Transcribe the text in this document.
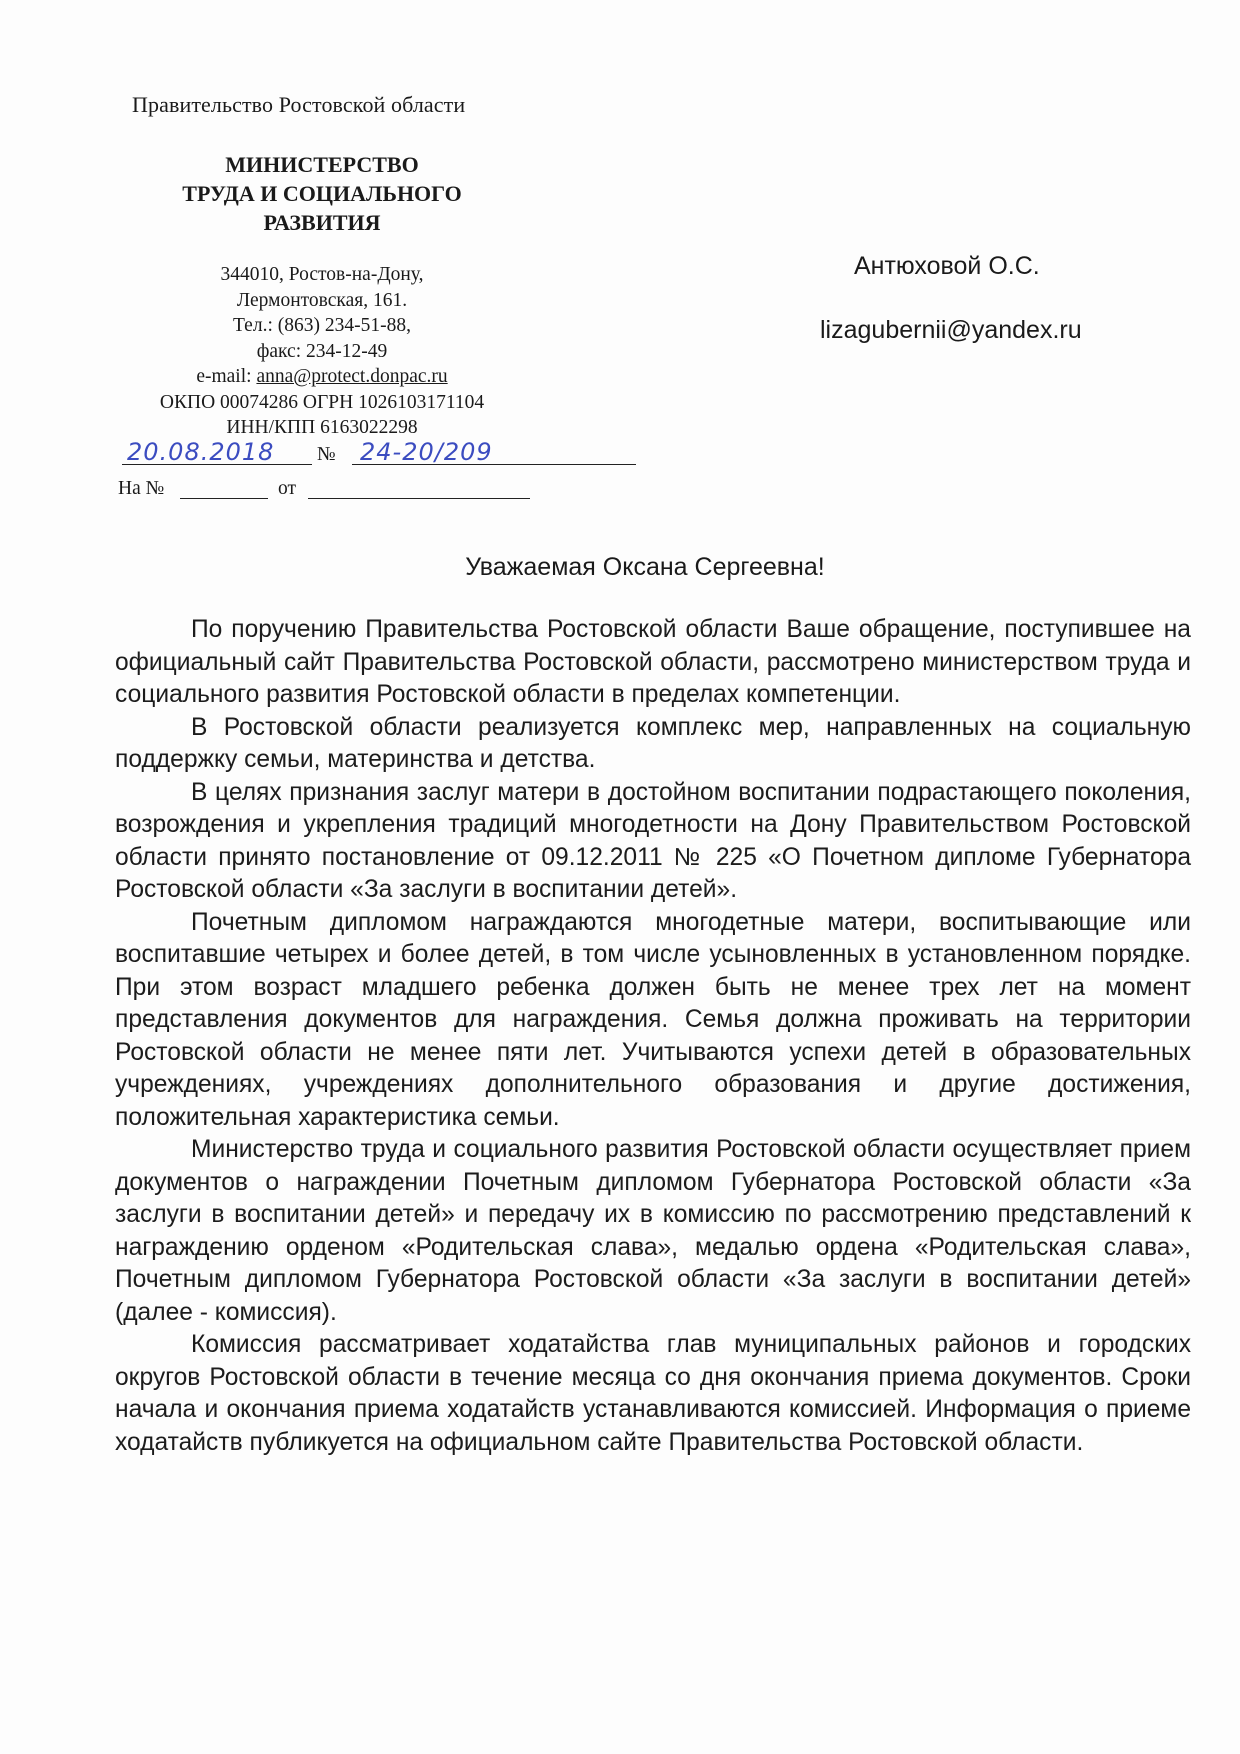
Правительство Ростовской области
МИНИСТЕРСТВО
ТРУДА И СОЦИАЛЬНОГО
РАЗВИТИЯ
344010, Ростов-на-Дону,
Лермонтовская, 161.
Тел.: (863) 234-51-88,
факс: 234-12-49
e-mail: anna@protect.donpac.ru
ОКПО 00074286 ОГРН 1026103171104
ИНН/КПП 6163022298
20.08.2018 № 24-20/209
На №	от
Антюховой О.С.
lizagubernii@yandex.ru
Уважаемая Оксана Сергеевна!

По поручению Правительства Ростовской области Ваше обращение, поступившее на официальный сайт Правительства Ростовской области, рассмотрено министерством труда и социального развития Ростовской области в пределах компетенции.

В Ростовской области реализуется комплекс мер, направленных на социальную поддержку семьи, материнства и детства.

В целях признания заслуг матери в достойном воспитании подрастающего поколения, возрождения и укрепления традиций многодетности на Дону Правительством Ростовской области принято постановление от 09.12.2011 № 225 «О Почетном дипломе Губернатора Ростовской области «За заслуги в воспитании детей».

Почетным дипломом награждаются многодетные матери, воспитывающие или воспитавшие четырех и более детей, в том числе усыновленных в установленном порядке. При этом возраст младшего ребенка должен быть не менее трех лет на момент представления документов для награждения. Семья должна проживать на территории Ростовской области не менее пяти лет. Учитываются успехи детей в образовательных учреждениях, учреждениях дополнительного образования и другие достижения, положительная характеристика семьи.

Министерство труда и социального развития Ростовской области осуществляет прием документов о награждении Почетным дипломом Губернатора Ростовской области «За заслуги в воспитании детей» и передачу их в комиссию по рассмотрению представлений к награждению орденом «Родительская слава», медалью ордена «Родительская слава», Почетным дипломом Губернатора Ростовской области «За заслуги в воспитании детей» (далее - комиссия).

Комиссия рассматривает ходатайства глав муниципальных районов и городских округов Ростовской области в течение месяца со дня окончания приема документов. Сроки начала и окончания приема ходатайств устанавливаются комиссией. Информация о приеме ходатайств публикуется на официальном сайте Правительства Ростовской области.
